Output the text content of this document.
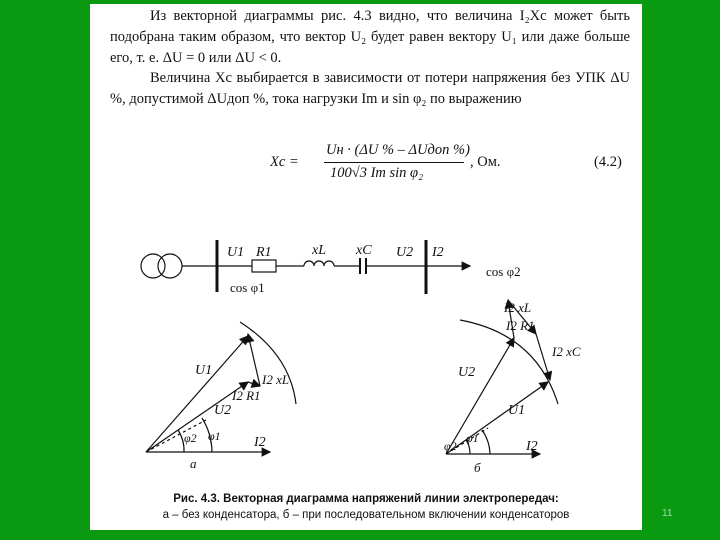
Из векторной диаграммы рис. 4.3 видно, что величина I₂Xc может быть подобрана таким образом, что вектор U₂ будет равен вектору U₁ или даже больше его, т. е. ΔU = 0 или ΔU < 0.
Величина Xc выбирается в зависимости от потери напряжения без УПК ΔU %, допустимой ΔUдоп %, тока нагрузки Im и sin φ₂ по выражению
Xс =
Uн · (ΔU % – ΔUдоп %)
100√3 Im sin φ₂
, Ом.	(4.2)
U1 R1	xL xC U2 I2
cos φ1
cos φ2
U1
I2 xL
I2 R1
U2
φ2 φ1 I2
a
I2 xL
I2 R1
I2 xC
U2
U1
φ1
φ2	I2
б
Рис. 4.3. Векторная диаграмма напряжений линии электропередач:
а – без конденсатора, б – при последовательном включении конденсаторов	11
